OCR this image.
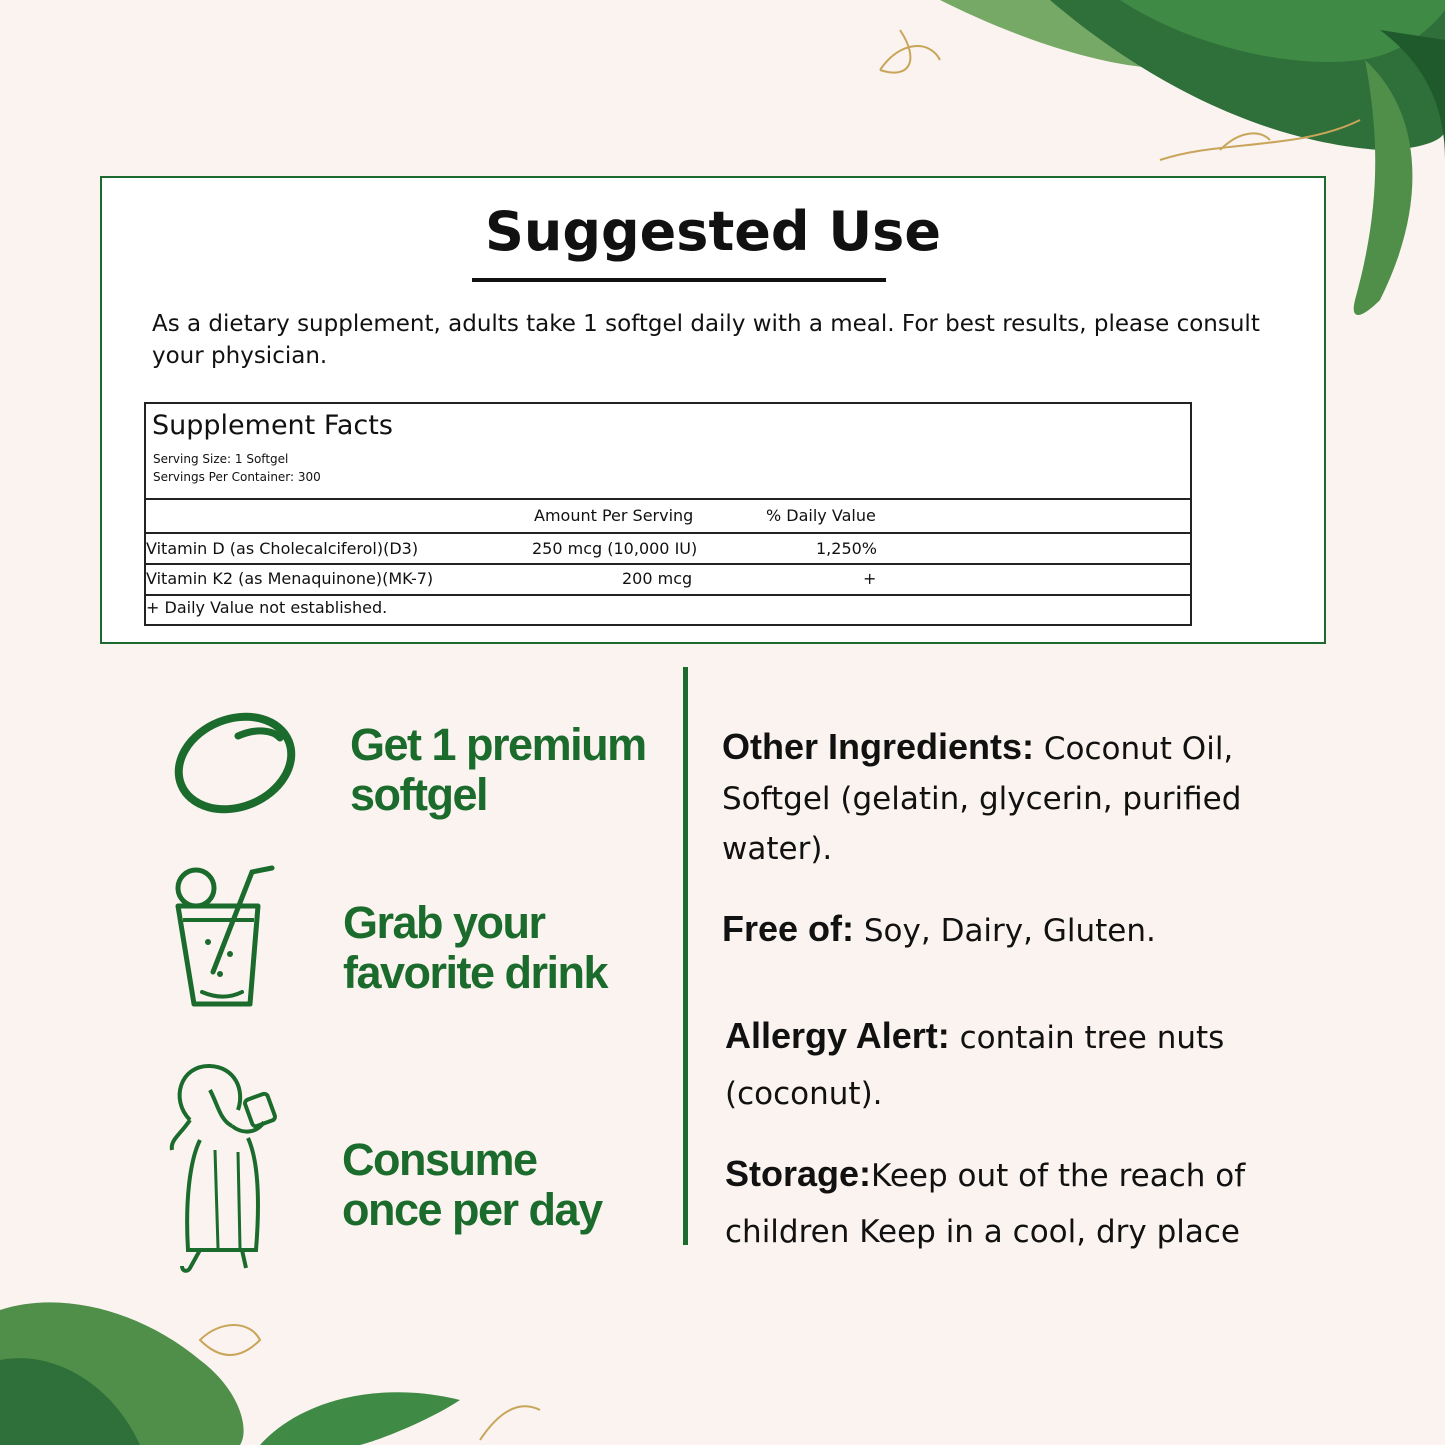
Suggested Use
As a dietary supplement, adults take 1 softgel daily with a meal. For best results, please consult your physician.
Supplement Facts
Serving Size: 1 Softgel
Servings Per Container: 300
Amount Per Serving	% Daily Value
Vitamin D (as Cholecalciferol)(D3)	250 mcg (10,000 IU)	1,250%
Vitamin K2 (as Menaquinone)(MK-7)	200 mcg	+
+ Daily Value not established.
Get 1 premium
softgel
Grab your
favorite drink
Consume
once per day
Other Ingredients: Coconut Oil,
Softgel (gelatin, glycerin, purified
water).
Free of: Soy, Dairy, Gluten.
Allergy Alert: contain tree nuts
(coconut).
Storage:Keep out of the reach of
children Keep in a cool, dry place
